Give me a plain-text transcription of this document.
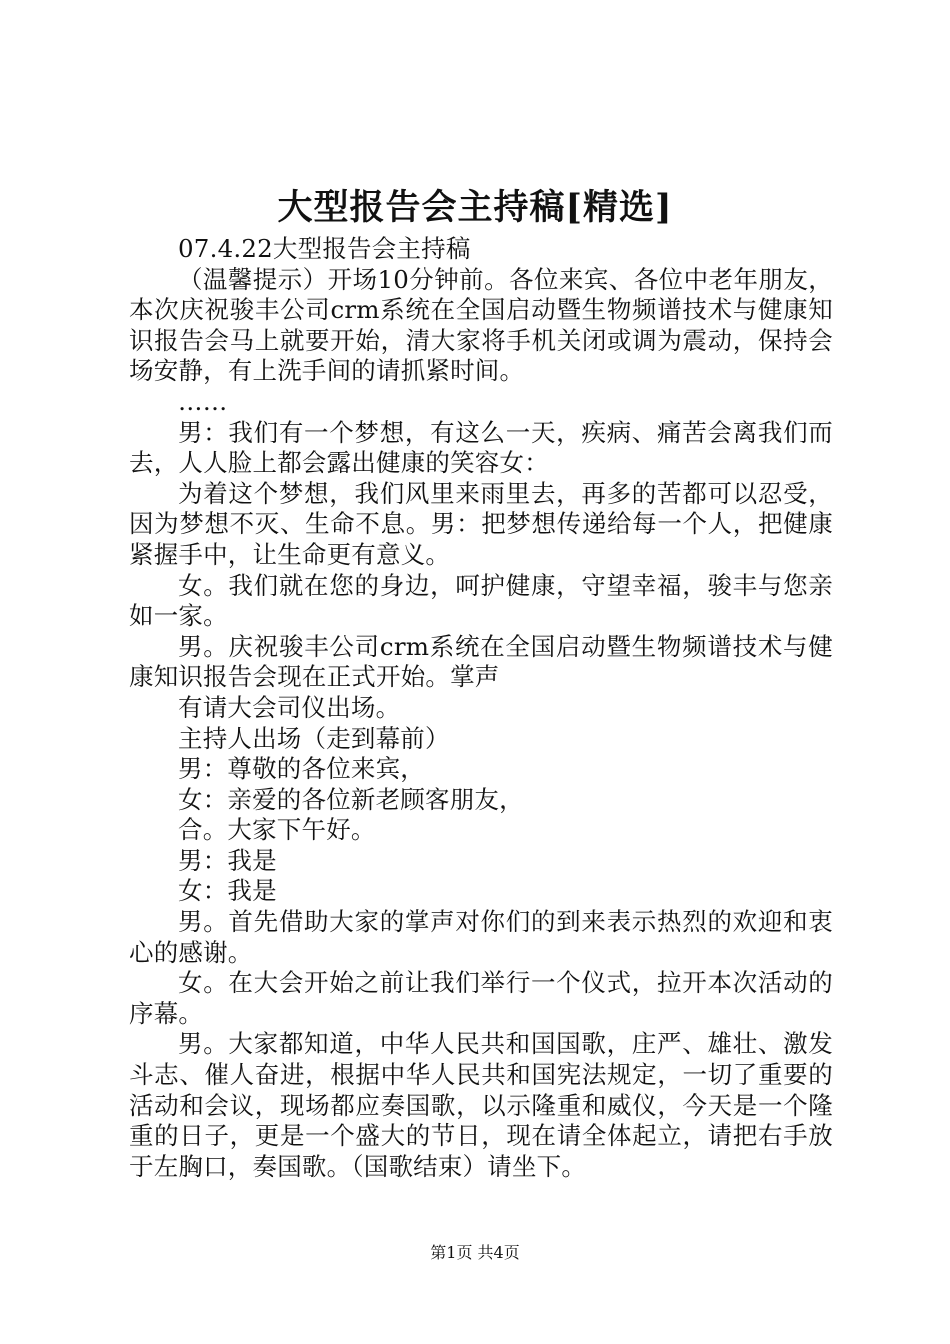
大型报告会主持稿[精选]

07.4.22大型报告会主持稿

（温馨提示）开场10分钟前。各位来宾、各位中老年朋友，本次庆祝骏丰公司crm系统在全国启动暨生物频谱技术与健康知识报告会马上就要开始，清大家将手机关闭或调为震动，保持会场安静，有上洗手间的请抓紧时间。

……

男：我们有一个梦想，有这么一天，疾病、痛苦会离我们而去，人人脸上都会露出健康的笑容女：

为着这个梦想，我们风里来雨里去，再多的苦都可以忍受，因为梦想不灭、生命不息。男：把梦想传递给每一个人，把健康紧握手中，让生命更有意义。

女。我们就在您的身边，呵护健康，守望幸福，骏丰与您亲如一家。

男。庆祝骏丰公司crm系统在全国启动暨生物频谱技术与健康知识报告会现在正式开始。掌声

有请大会司仪出场。

主持人出场（走到幕前）

男：尊敬的各位来宾，

女：亲爱的各位新老顾客朋友，

合。大家下午好。

男：我是

女：我是

男。首先借助大家的掌声对你们的到来表示热烈的欢迎和衷心的感谢。

女。在大会开始之前让我们举行一个仪式，拉开本次活动的序幕。

男。大家都知道，中华人民共和国国歌，庄严、雄壮、激发斗志、催人奋进，根据中华人民共和国宪法规定，一切了重要的活动和会议，现场都应奏国歌，以示隆重和威仪，今天是一个隆重的日子，更是一个盛大的节日，现在请全体起立，请把右手放于左胸口，奏国歌。（国歌结束）请坐下。

第1页 共4页
